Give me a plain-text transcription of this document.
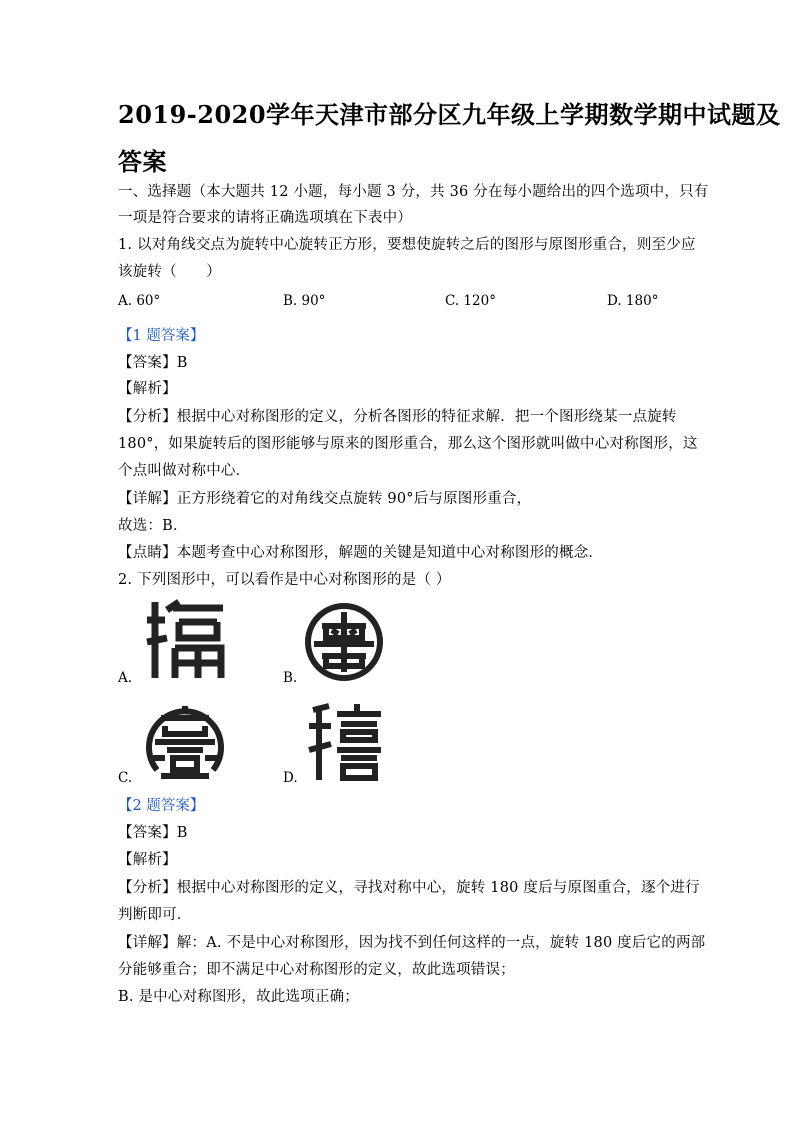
2019-2020学年天津市部分区九年级上学期数学期中试题及
答案
一、选择题（本大题共 12 小题，每小题 3 分，共 36 分在每小题给出的四个选项中，只有
一项是符合要求的请将正确选项填在下表中）
1. 以对角线交点为旋转中心旋转正方形，要想使旋转之后的图形与原图形重合，则至少应
该旋转（　　）
A. 60°	B. 90°	C. 120°	D. 180°
【1 题答案】
【答案】B
【解析】
【分析】根据中心对称图形的定义，分析各图形的特征求解．把一个图形绕某一点旋转
180°，如果旋转后的图形能够与原来的图形重合，那么这个图形就叫做中心对称图形，这
个点叫做对称中心．
【详解】正方形绕着它的对角线交点旋转 90°后与原图形重合，
故选：B．
【点睛】本题考查中心对称图形，解题的关键是知道中心对称图形的概念．
2. 下列图形中，可以看作是中心对称图形的是（ ）
A.	B.
C.	D.
【2 题答案】
【答案】B
【解析】
【分析】根据中心对称图形的定义，寻找对称中心，旋转 180 度后与原图重合，逐个进行
判断即可．
【详解】解：A. 不是中心对称图形，因为找不到任何这样的一点，旋转 180 度后它的两部
分能够重合；即不满足中心对称图形的定义，故此选项错误；
B. 是中心对称图形，故此选项正确；
